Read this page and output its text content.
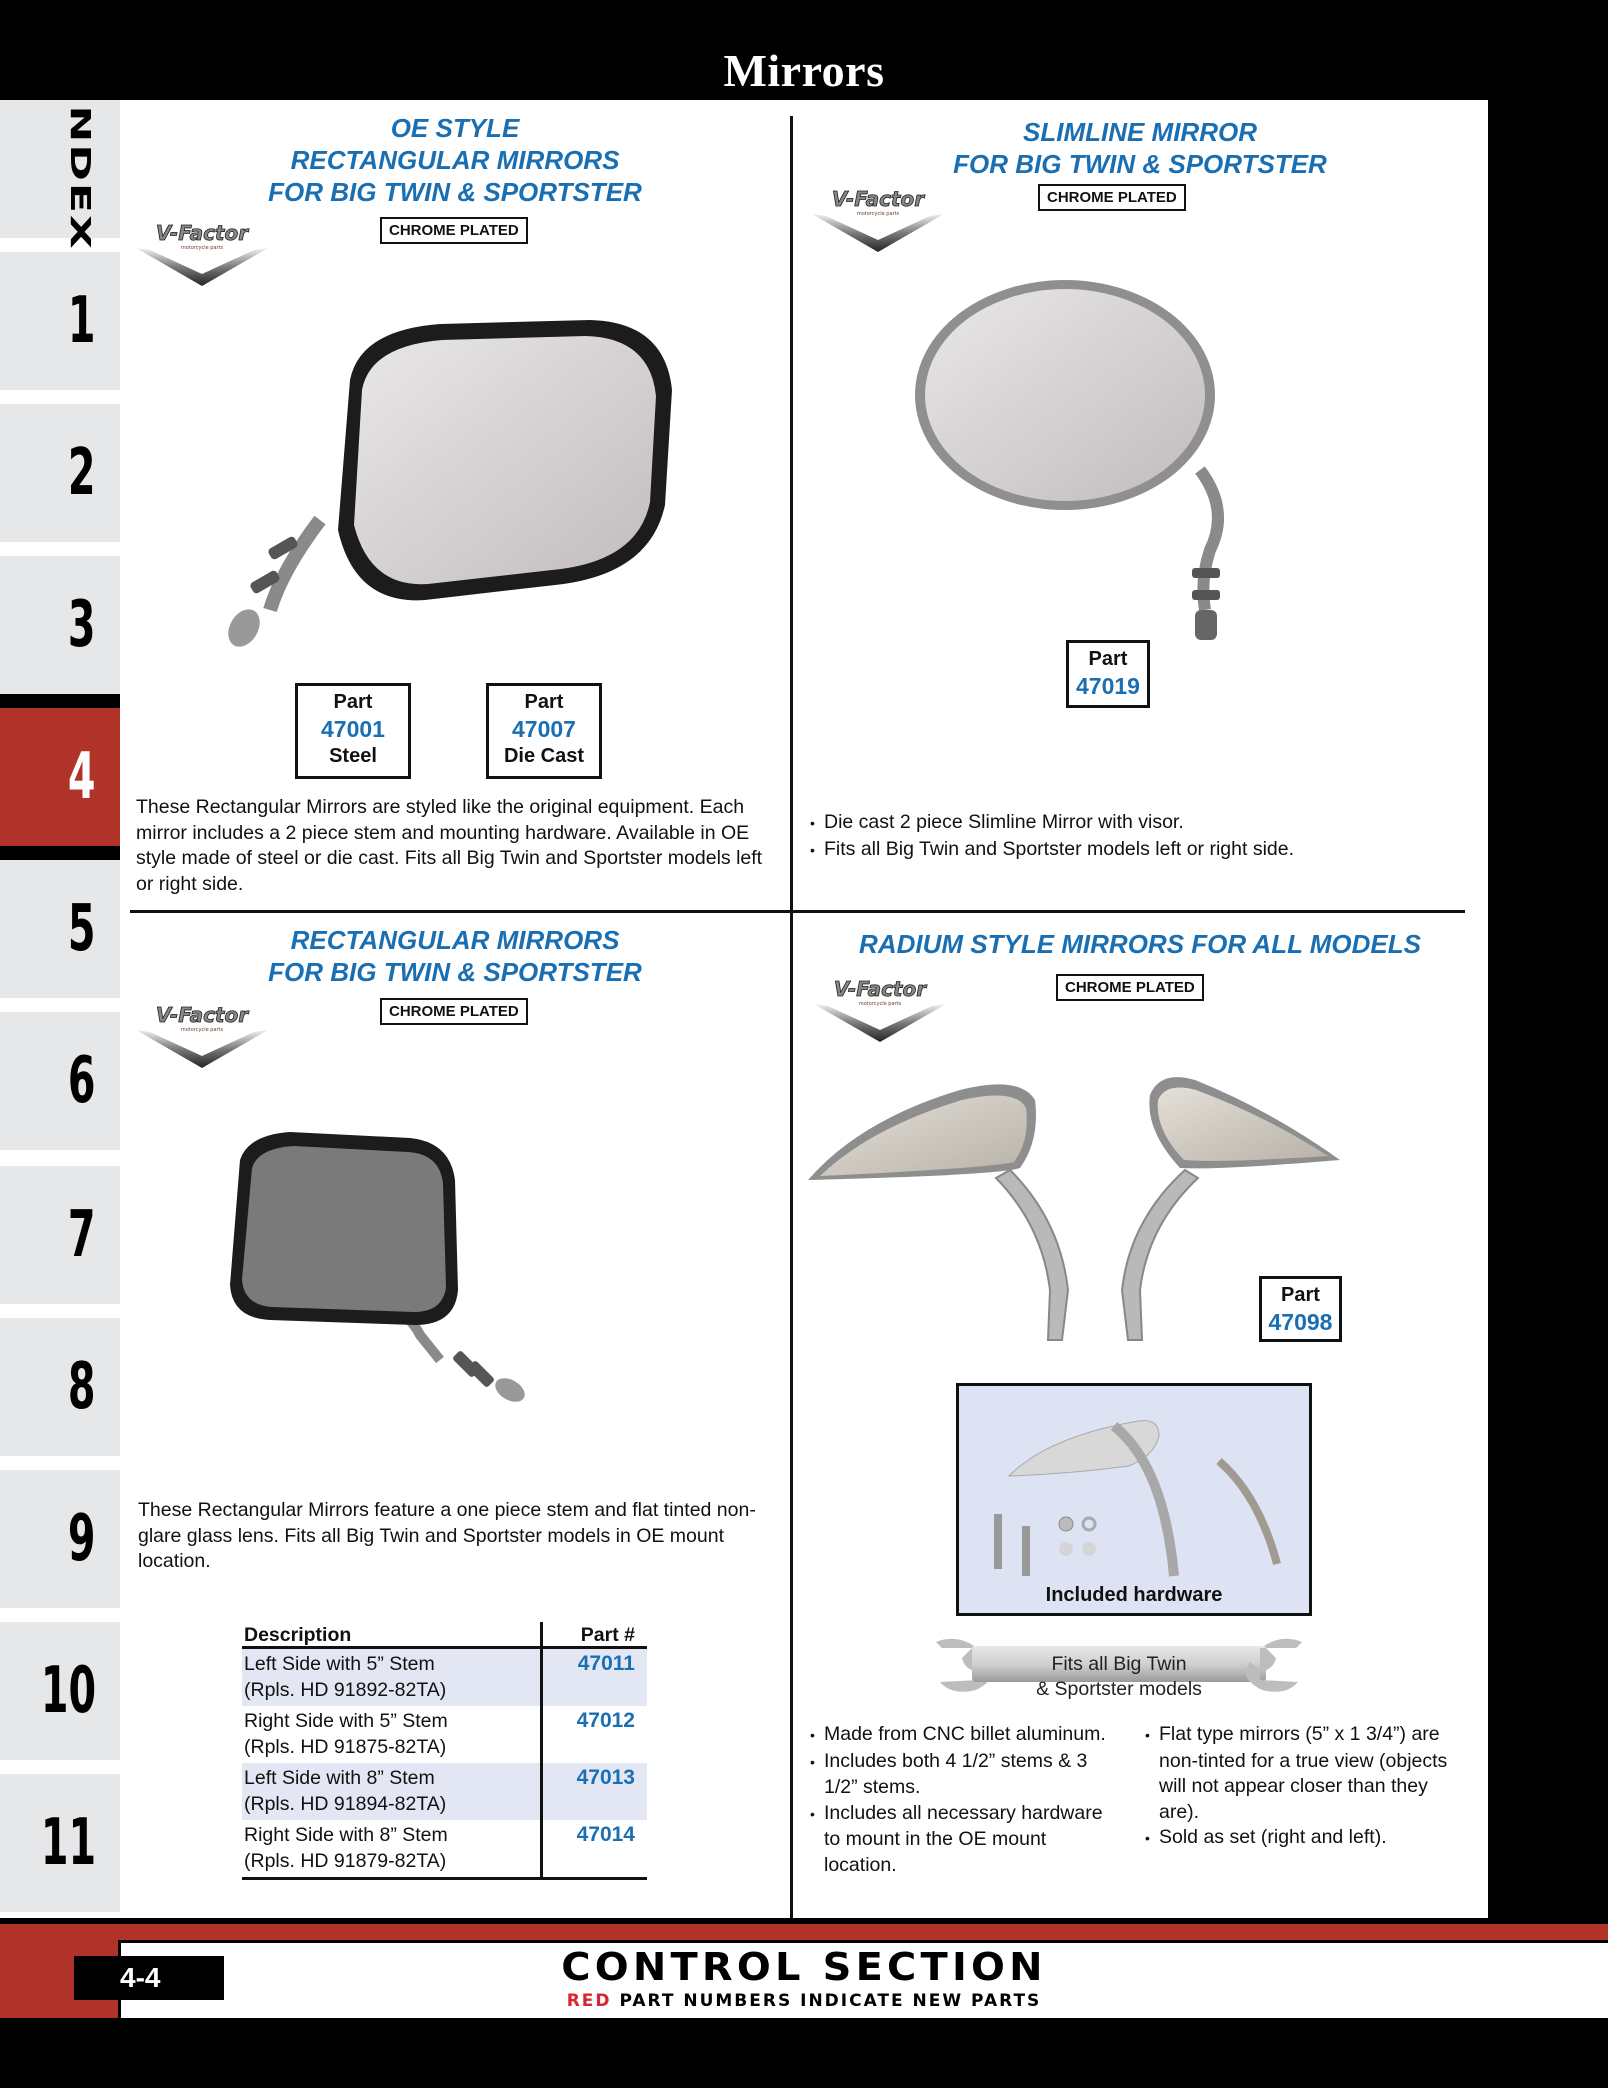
Mirrors
INDEX
1
2
3
4
5
6
7
8
9
10
11
OE STYLE
RECTANGULAR MIRRORS
FOR BIG TWIN & SPORTSTER
CHROME PLATED
Part
47001
Steel
Part
47007
Die Cast

These Rectangular Mirrors are styled like the original equipment. Each mirror includes a 2 piece stem and mounting hardware. Available in OE style made of steel or die cast. Fits all Big Twin and Sportster models left or right side.

SLIMLINE MIRROR
FOR BIG TWIN & SPORTSTER
CHROME PLATED
Part
47019
• Die cast 2 piece Slimline Mirror with visor.
• Fits all Big Twin and Sportster models left or right side.
RECTANGULAR MIRRORS
FOR BIG TWIN & SPORTSTER
CHROME PLATED

These Rectangular Mirrors feature a one piece stem and flat tinted non-glare glass lens. Fits all Big Twin and Sportster models in OE mount location.

Description	Part #

Left Side with 5” Stem
(Rpls. HD 91892-82TA)	47011

Right Side with 5” Stem
(Rpls. HD 91875-82TA)	47012

Left Side with 8” Stem
(Rpls. HD 91894-82TA)	47013

Right Side with 8” Stem
(Rpls. HD 91879-82TA)	47014
RADIUM STYLE MIRRORS FOR ALL MODELS
CHROME PLATED
Part
47098
Included hardware
Fits all Big Twin
& Sportster models
• Made from CNC billet aluminum.
• Includes both 4 1/2” stems & 3 1/2” stems.
• Includes all necessary hardware to mount in the OE mount location.
• Flat type mirrors (5” x 1 3/4”) are non-tinted for a true view (objects will not appear closer than they are).
• Sold as set (right and left).
4-4	CONTROL SECTION
RED PART NUMBERS INDICATE NEW PARTS
